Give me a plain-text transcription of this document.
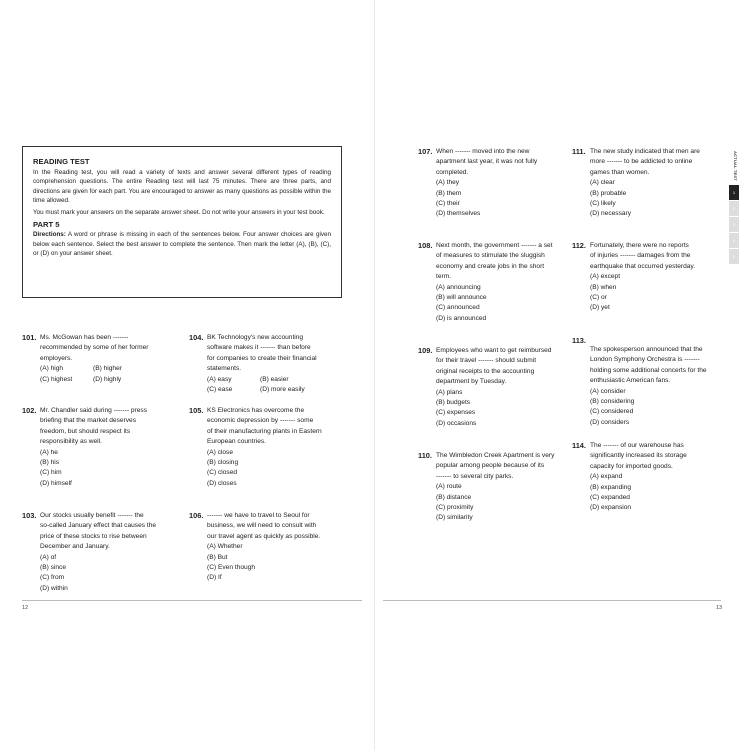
READING TEST

In the Reading test, you will read a variety of texts and answer several different types of reading comprehension questions. The entire Reading test will last 75 minutes. There are three parts, and directions are given for each part. You are encouraged to answer as many questions as possible within the time allowed.

You must mark your answers on the separate answer sheet. Do not write your answers in your test book.

PART 5

Directions: A word or phrase is missing in each of the sentences below. Four answer choices are given below each sentence. Select the best answer to complete the sentence. Then mark the letter (A), (B), (C), or (D) on your answer sheet.

101. Ms. McGowan has been -------
recommended by some of her former
employers.
(A) high	(B) higher
(C) highest	(D) highly
102. Mr. Chandler said during ------- press
briefing that the market deserves
freedom, but should respect its
responsibility as well.
(A) he
(B) his
(C) him
(D) himself
103. Our stocks usually benefit ------- the
so-called January effect that causes the
price of these stocks to rise between
December and January.
(A) of
(B) since
(C) from
(D) within
104. BK Technology's new accounting
software makes it ------- than before
for companies to create their financial
statements.
(A) easy	(B) easier
(C) ease	(D) more easily
105. KS Electronics has overcome the
economic depression by ------- some
of their manufacturing plants in Eastern
European countries.
(A) close
(B) closing
(C) closed
(D) closes
106. ------- we have to travel to Seoul for
business, we will need to consult with
our travel agent as quickly as possible.
(A) Whether
(B) But
(C) Even though
(D) If
12
107. When ------- moved into the new
apartment last year, it was not fully
completed.
(A) they
(B) them
(C) their
(D) themselves
108. Next month, the government ------- a set
of measures to stimulate the sluggish
economy and create jobs in the short
term.
(A) announcing
(B) will announce
(C) announced
(D) is announced
109. Employees who want to get reimbursed
for their travel ------- should submit
original receipts to the accounting
department by Tuesday.
(A) plans
(B) budgets
(C) expenses
(D) occasions
110. The Wimbledon Creek Apartment is very
popular among people because of its
------- to several city parks.
(A) route
(B) distance
(C) proximity
(D) similarity
111. The new study indicated that men are
more ------- to be addicted to online
games than women.
(A) clear
(B) probable
(C) likely
(D) necessary
112. Fortunately, there were no reports
of injuries ------- damages from the
earthquake that occurred yesterday.
(A) except
(B) when
(C) or
(D) yet
113.
The spokesperson announced that the
London Symphony Orchestra is -------
holding some additional concerts for the
enthusiastic American fans.
(A) consider
(B) considering
(C) considered
(D) considers
114. The ------- of our warehouse has
significantly increased its storage
capacity for imported goods.
(A) expand
(B) expanding
(C) expanded
(D) expansion
13
ACTUAL TEST
1
2
3
4
5
